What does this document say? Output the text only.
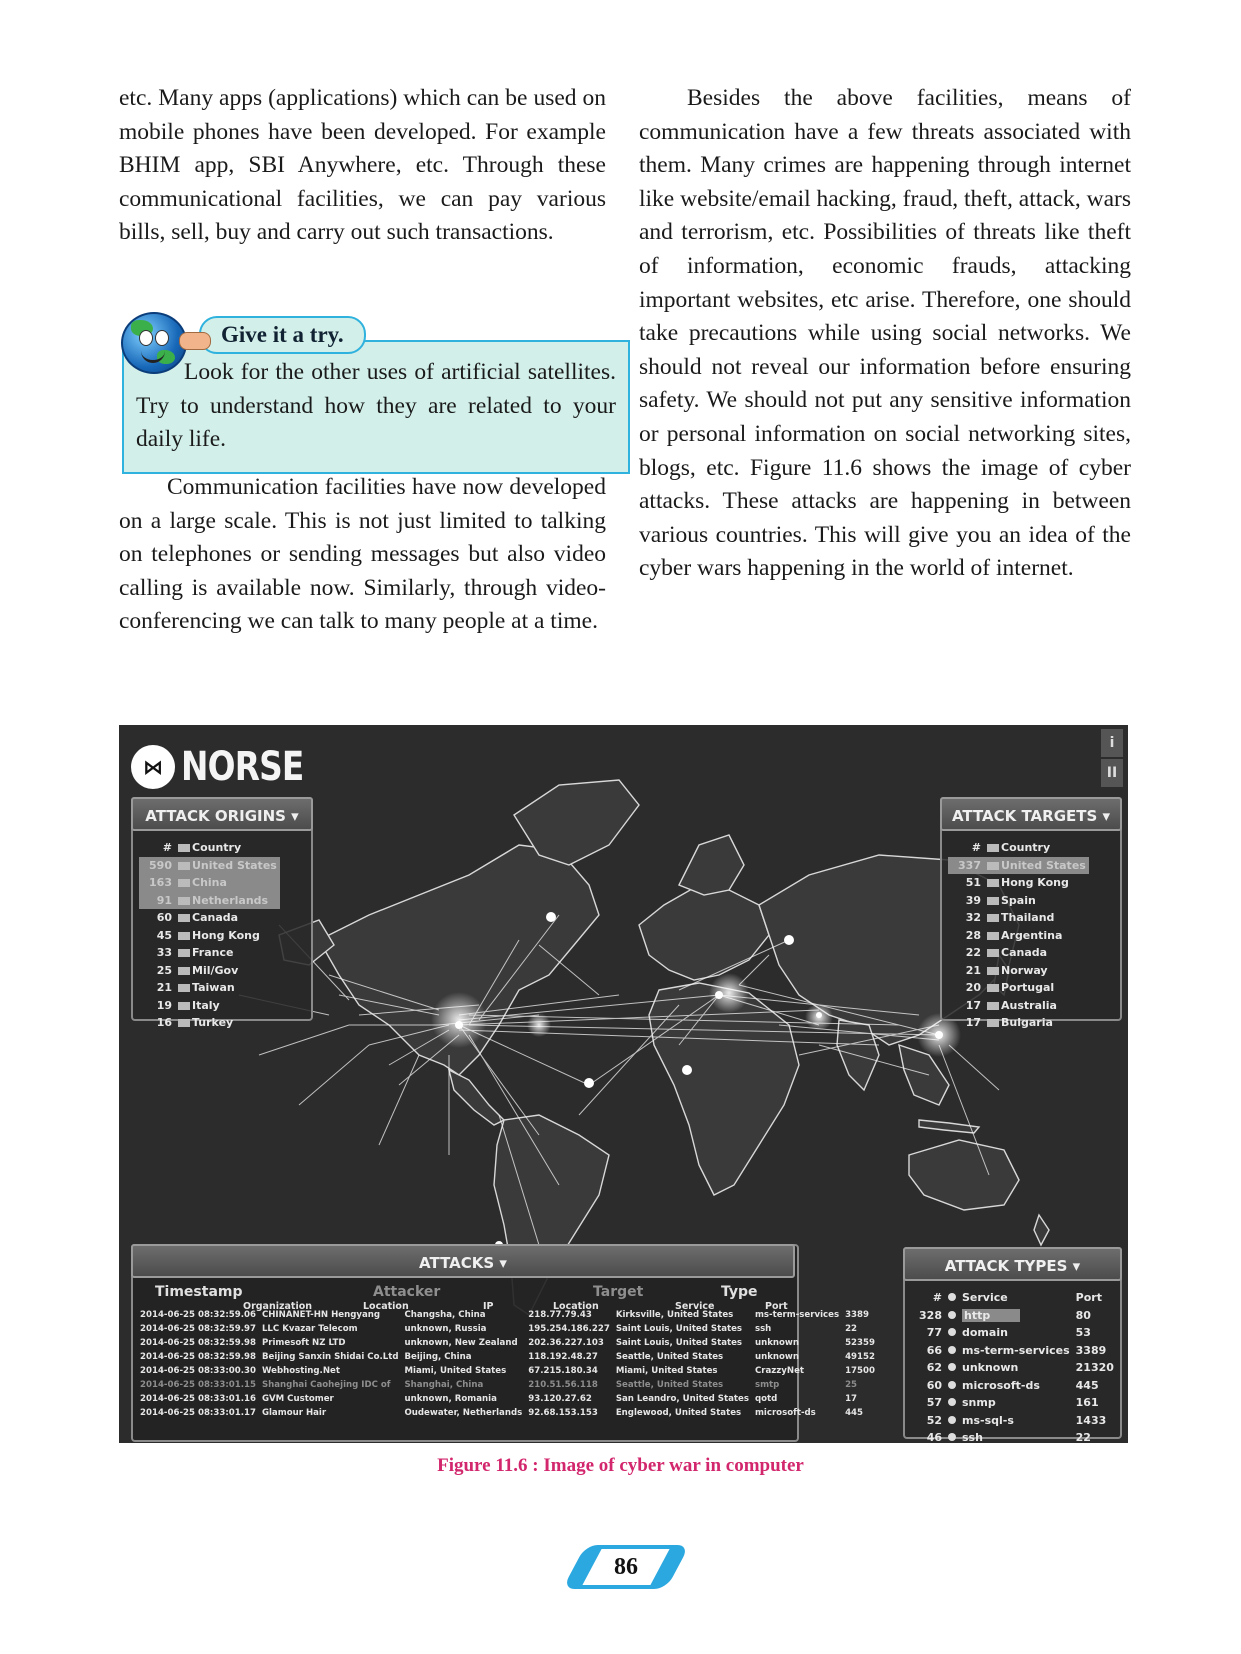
etc. Many apps (applications) which can be used on mobile phones have been developed. For example BHIM app, SBI Anywhere, etc. Through these communicational facilities, we can pay various bills, sell, buy and carry out such transactions.

Look for the other uses of artificial satellites. Try to understand how they are related to your daily life.

Give it a try.

Communication facilities have now developed on a large scale. This is not just limited to talking on telephones or sending messages but also video calling is available now. Similarly, through video-conferencing we can talk to many people at a time.

Besides the above facilities, means of communication have a few threats associated with them. Many crimes are happening through internet like website/email hacking, fraud, theft, attack, wars and terrorism, etc. Possibilities of threats like theft of information, economic frauds, attacking important websites, etc arise. Therefore, one should take precautions while using social networks. We should not reveal our information before ensuring safety. We should not put any sensitive information or personal information on social networking sites, blogs, etc. Figure 11.6 shows the image of cyber attacks. These attacks are happening in between various countries. This will give you an idea of the cyber wars happening in the world of internet.

⋈ NORSE
i
II
ATTACK ORIGINS ▾
#	Country
590	United States
163	China
91	Netherlands
60	Canada
45	Hong Kong
33	France
25	Mil/Gov
21	Taiwan
19	Italy
16	Turkey
ATTACK TARGETS ▾
#	Country
337	United States
51	Hong Kong
39	Spain
32	Thailand
28	Argentina
22	Canada
21	Norway
20	Portugal
17	Australia
17	Bulgaria
ATTACK TYPES ▾
#	Service	Port
328	http	80
77	domain	53
66	ms-term-services	3389
62	unknown	21320
60	microsoft-ds	445
57	snmp	161
52	ms-sql-s	1433
46	ssh	22
ATTACKS ▾
Timestamp	Attacker	Target	Type
Organization	Location	IP	Location	Service	Port
2014-06-25 08:32:59.06	CHINANET-HN Hengyang	Changsha, China	218.77.79.43	Kirksville, United States	ms-term-services	3389
2014-06-25 08:32:59.97	LLC Kvazar Telecom	unknown, Russia	195.254.186.227	Saint Louis, United States	ssh	22
2014-06-25 08:32:59.98	Primesoft NZ LTD	unknown, New Zealand	202.36.227.103	Saint Louis, United States	unknown	52359
2014-06-25 08:32:59.98	Beijing Sanxin Shidai Co.Ltd	Beijing, China	118.192.48.27	Seattle, United States	unknown	49152
2014-06-25 08:33:00.30	Webhosting.Net	Miami, United States	67.215.180.34	Miami, United States	CrazzyNet	17500
2014-06-25 08:33:01.15	Shanghai Caohejing IDC of	Shanghai, China	210.51.56.118	Seattle, United States	smtp	25
2014-06-25 08:33:01.16	GVM Customer	unknown, Romania	93.120.27.62	San Leandro, United States	qotd	17
2014-06-25 08:33:01.17	Glamour Hair	Oudewater, Netherlands	92.68.153.153	Englewood, United States	microsoft-ds	445
Figure 11.6 : Image of cyber war in computer
86
